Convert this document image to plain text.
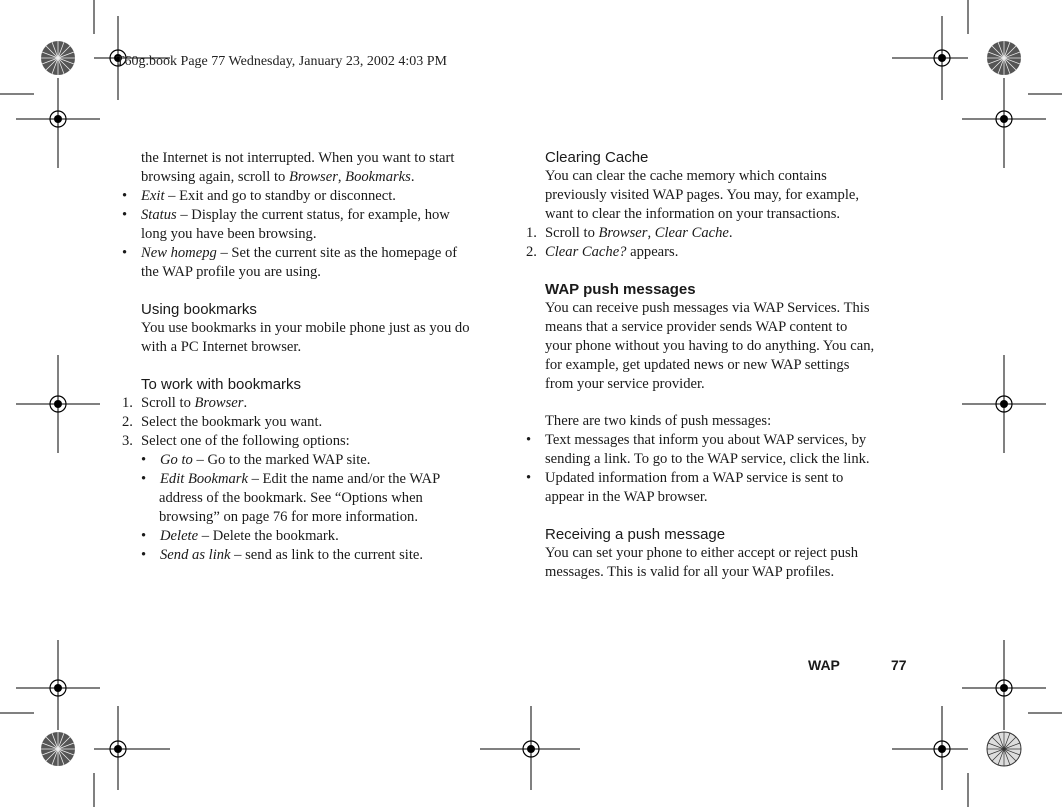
T60g.book Page 77 Wednesday, January 23, 2002 4:03 PM
the Internet is not interrupted. When you want to start
browsing again, scroll to Browser, Bookmarks.
• Exit – Exit and go to standby or disconnect.
• Status – Display the current status, for example, how
long you have been browsing.
• New homepg – Set the current site as the homepage of
the WAP profile you are using.
Using bookmarks
You use bookmarks in your mobile phone just as you do
with a PC Internet browser.
To work with bookmarks
1. Scroll to Browser.
2. Select the bookmark you want.
3. Select one of the following options:
• Go to – Go to the marked WAP site.
• Edit Bookmark – Edit the name and/or the WAP
address of the bookmark. See “Options when
browsing” on page 76 for more information.
• Delete – Delete the bookmark.
• Send as link – send as link to the current site.
Clearing Cache
You can clear the cache memory which contains
previously visited WAP pages. You may, for example,
want to clear the information on your transactions.
1. Scroll to Browser, Clear Cache.
2. Clear Cache? appears.
WAP push messages
You can receive push messages via WAP Services. This
means that a service provider sends WAP content to
your phone without you having to do anything. You can,
for example, get updated news or new WAP settings
from your service provider.
There are two kinds of push messages:
• Text messages that inform you about WAP services, by
sending a link. To go to the WAP service, click the link.
• Updated information from a WAP service is sent to
appear in the WAP browser.
Receiving a push message
You can set your phone to either accept or reject push
messages. This is valid for all your WAP profiles.
WAP	77
